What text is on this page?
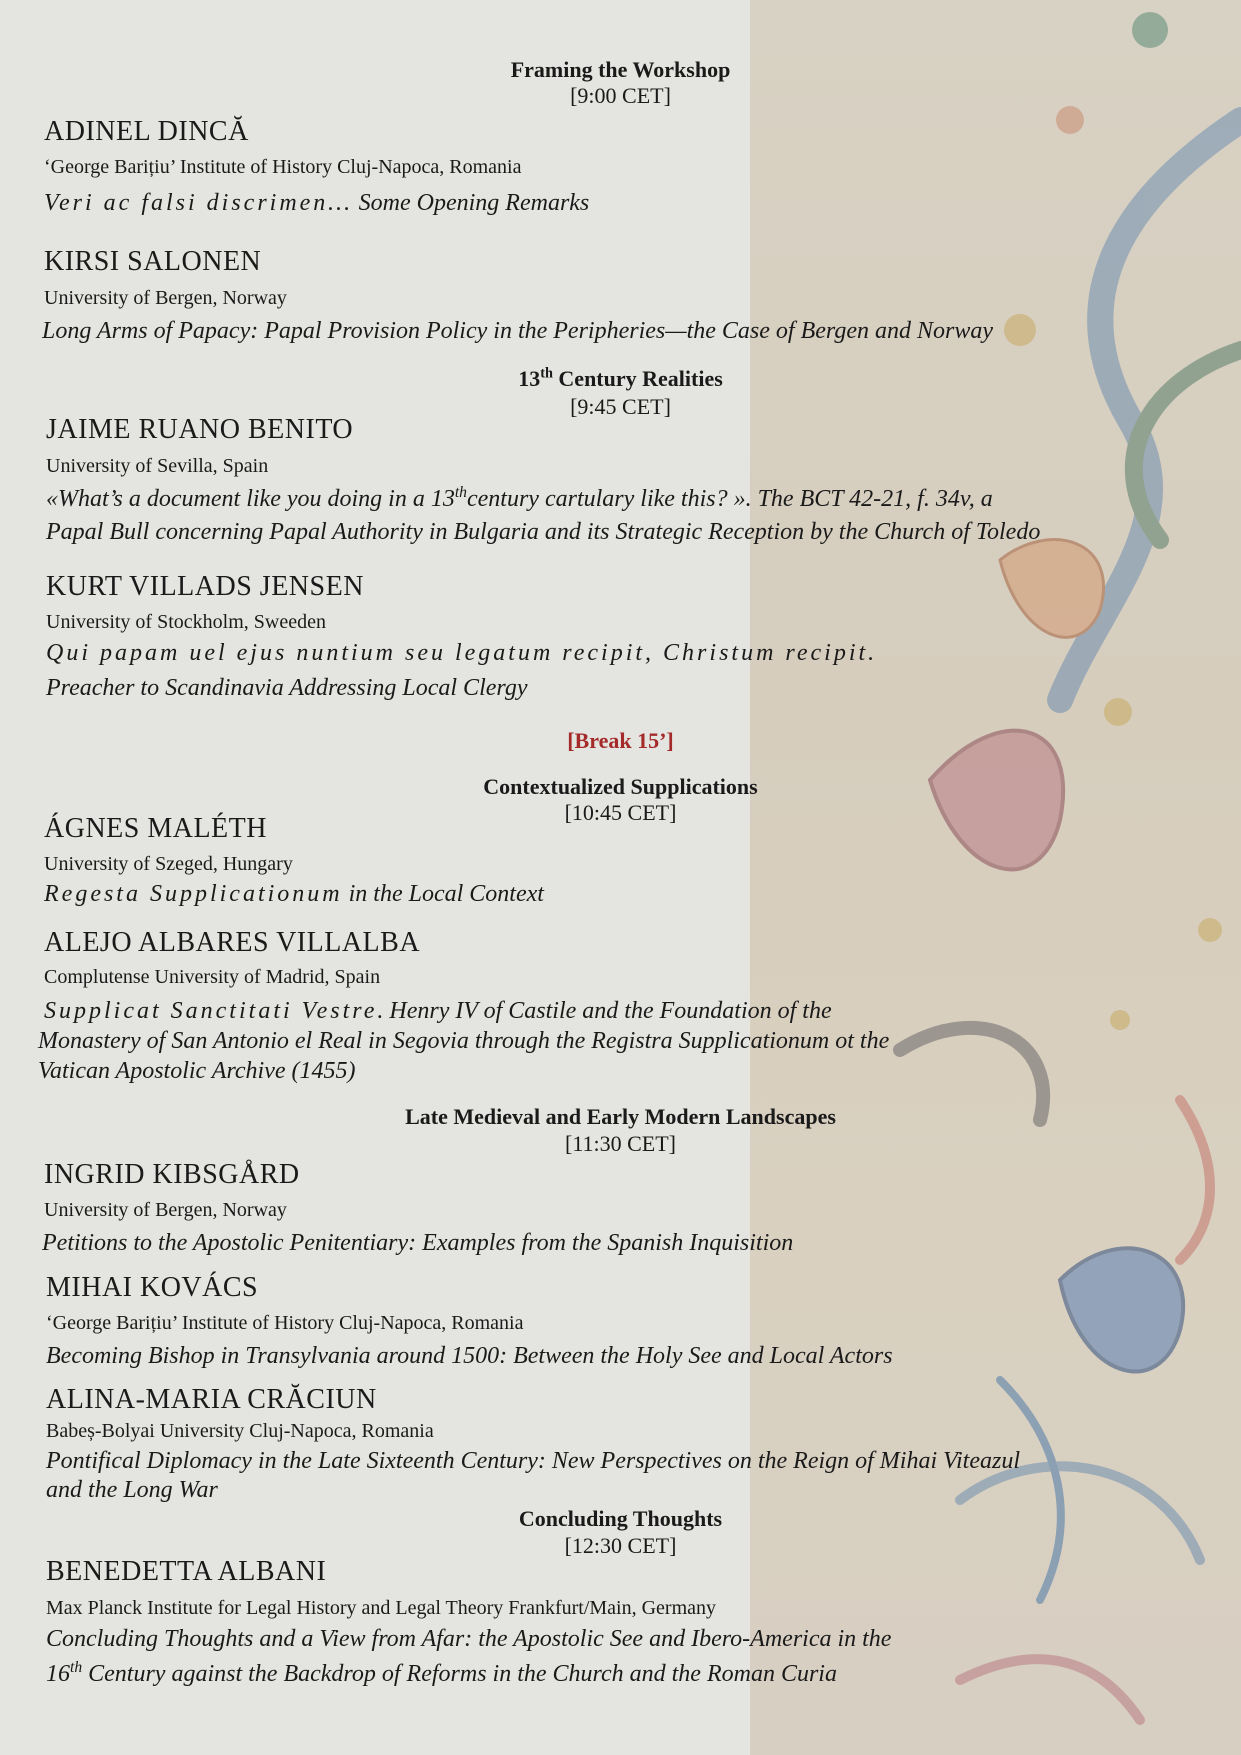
Framing the Workshop
[9:00 CET]
ADINEL DINCĂ
‘George Barițiu’ Institute of History Cluj-Napoca, Romania
Veri ac falsi discrimen… Some Opening Remarks
KIRSI SALONEN
University of Bergen, Norway
Long Arms of Papacy: Papal Provision Policy in the Peripheries—the Case of Bergen and Norway
13th Century Realities
[9:45 CET]
JAIME RUANO BENITO
University of Sevilla, Spain
«What’s a document like you doing in a 13thcentury cartulary like this? ». The BCT 42-21, f. 34v, a
Papal Bull concerning Papal Authority in Bulgaria and its Strategic Reception by the Church of Toledo
KURT VILLADS JENSEN
University of Stockholm, Sweeden
Qui papam uel ejus nuntium seu legatum recipit, Christum recipit.
Preacher to Scandinavia Addressing Local Clergy
[Break 15’]
Contextualized Supplications
[10:45 CET]
ÁGNES MALÉTH
University of Szeged, Hungary
Regesta Supplicationum in the Local Context
ALEJO ALBARES VILLALBA
Complutense University of Madrid, Spain
Supplicat Sanctitati Vestre. Henry IV of Castile and the Foundation of the
Monastery of San Antonio el Real in Segovia through the Registra Supplicationum ot the
Vatican Apostolic Archive (1455)
Late Medieval and Early Modern Landscapes
[11:30 CET]
INGRID KIBSGÅRD
University of Bergen, Norway
Petitions to the Apostolic Penitentiary: Examples from the Spanish Inquisition
MIHAI KOVÁCS
‘George Barițiu’ Institute of History Cluj-Napoca, Romania
Becoming Bishop in Transylvania around 1500: Between the Holy See and Local Actors
ALINA-MARIA CRĂCIUN
Babeș-Bolyai University Cluj-Napoca, Romania
Pontifical Diplomacy in the Late Sixteenth Century: New Perspectives on the Reign of Mihai Viteazul
and the Long War
Concluding Thoughts
[12:30 CET]
BENEDETTA ALBANI
Max Planck Institute for Legal History and Legal Theory Frankfurt/Main, Germany
Concluding Thoughts and a View from Afar: the Apostolic See and Ibero-America in the
16th Century against the Backdrop of Reforms in the Church and the Roman Curia
